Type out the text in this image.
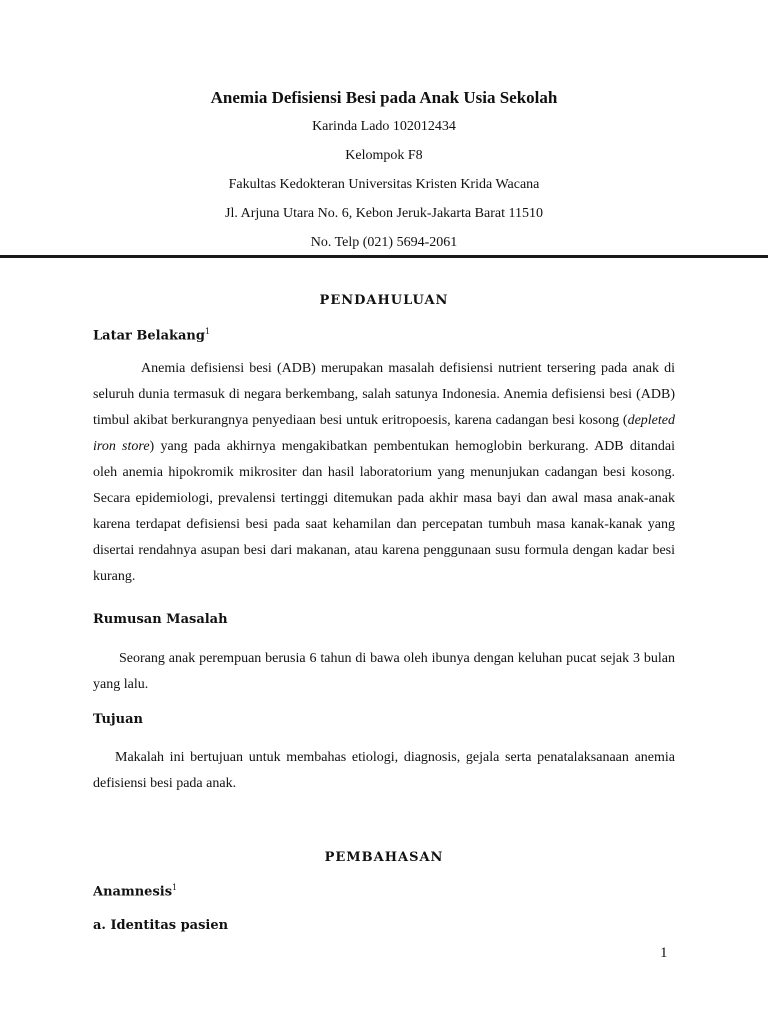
Anemia Defisiensi Besi pada Anak Usia Sekolah

Karinda Lado 102012434

Kelompok F8

Fakultas Kedokteran Universitas Kristen Krida Wacana

Jl. Arjuna Utara No. 6, Kebon Jeruk-Jakarta Barat 11510

No. Telp (021) 5694-2061

PENDAHULUAN
Latar Belakang$^1$

Anemia defisiensi besi (ADB) merupakan masalah defisiensi nutrient tersering pada anak di seluruh dunia termasuk di negara berkembang, salah satunya Indonesia. Anemia defisiensi besi (ADB) timbul akibat berkurangnya penyediaan besi untuk eritropoesis, karena cadangan besi kosong (depleted iron store) yang pada akhirnya mengakibatkan pembentukan hemoglobin berkurang. ADB ditandai oleh anemia hipokromik mikrositer dan hasil laboratorium yang menunjukan cadangan besi kosong. Secara epidemiologi, prevalensi tertinggi ditemukan pada akhir masa bayi dan awal masa anak-anak karena terdapat defisiensi besi pada saat kehamilan dan percepatan tumbuh masa kanak-kanak yang disertai rendahnya asupan besi dari makanan, atau karena penggunaan susu formula dengan kadar besi kurang.

Rumusan Masalah

Seorang anak perempuan berusia 6 tahun di bawa oleh ibunya dengan keluhan pucat sejak 3 bulan yang lalu.

Tujuan

Makalah ini bertujuan untuk membahas etiologi, diagnosis, gejala serta penatalaksanaan anemia defisiensi besi pada anak.

PEMBAHASAN
Anamnesis$^1$
a. Identitas pasien
1
